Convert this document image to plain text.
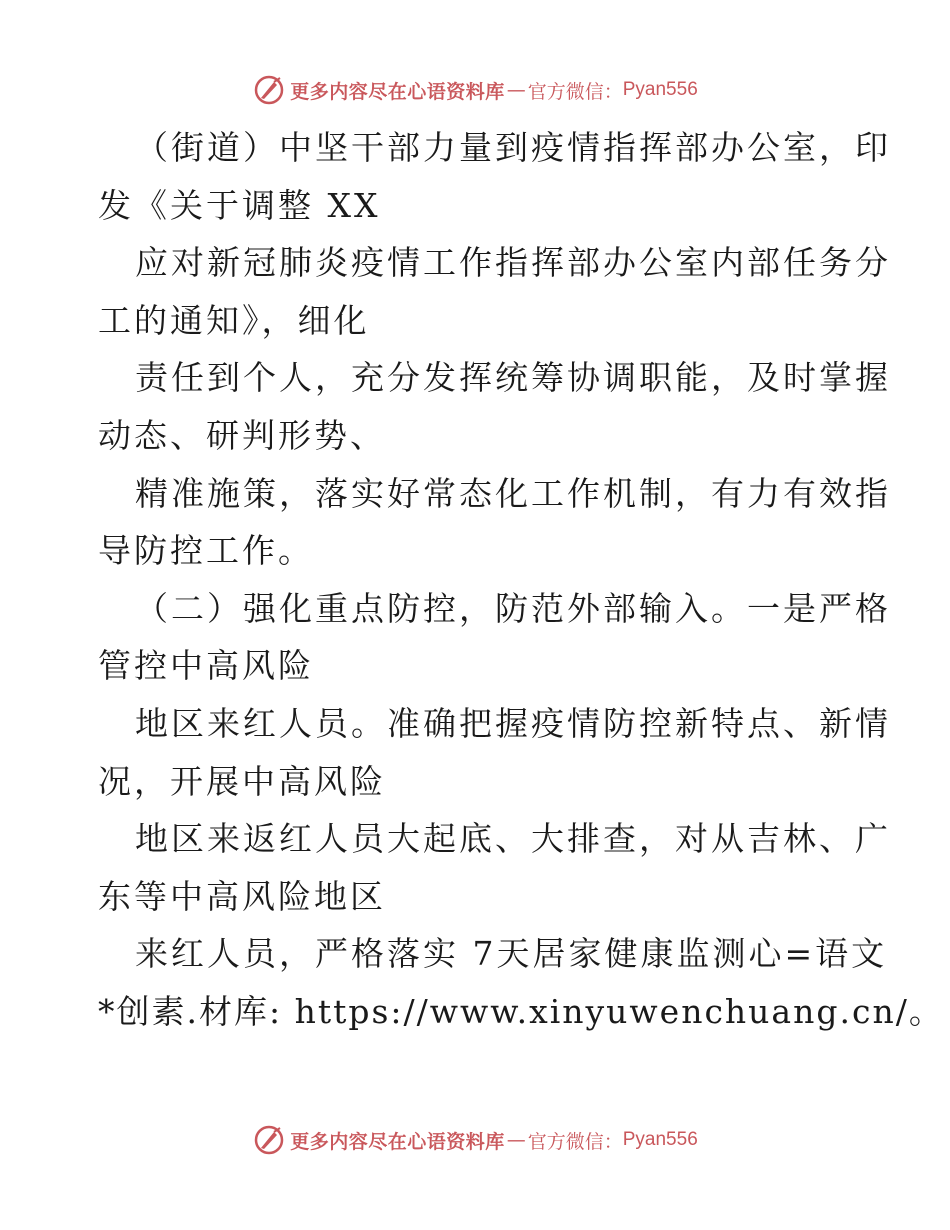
更多内容尽在心语资料库 — 官方微信： Pyan556
（街道）中坚干部力量到疫情指挥部办公室，印
发《关于调整 XX
应对新冠肺炎疫情工作指挥部办公室内部任务分
工的通知》，细化
责任到个人，充分发挥统筹协调职能，及时掌握
动态、研判形势、
精准施策，落实好常态化工作机制，有力有效指
导防控工作。
（二）强化重点防控，防范外部输入。一是严格
管控中高风险
地区来红人员。准确把握疫情防控新特点、新情
况，开展中高风险
地区来返红人员大起底、大排查，对从吉林、广
东等中高风险地区
来红人员，严格落实 7天居家健康监测心=语文
*创素.材库: https://www.xinyuwenchuang.cn/。
更多内容尽在心语资料库 — 官方微信： Pyan556
